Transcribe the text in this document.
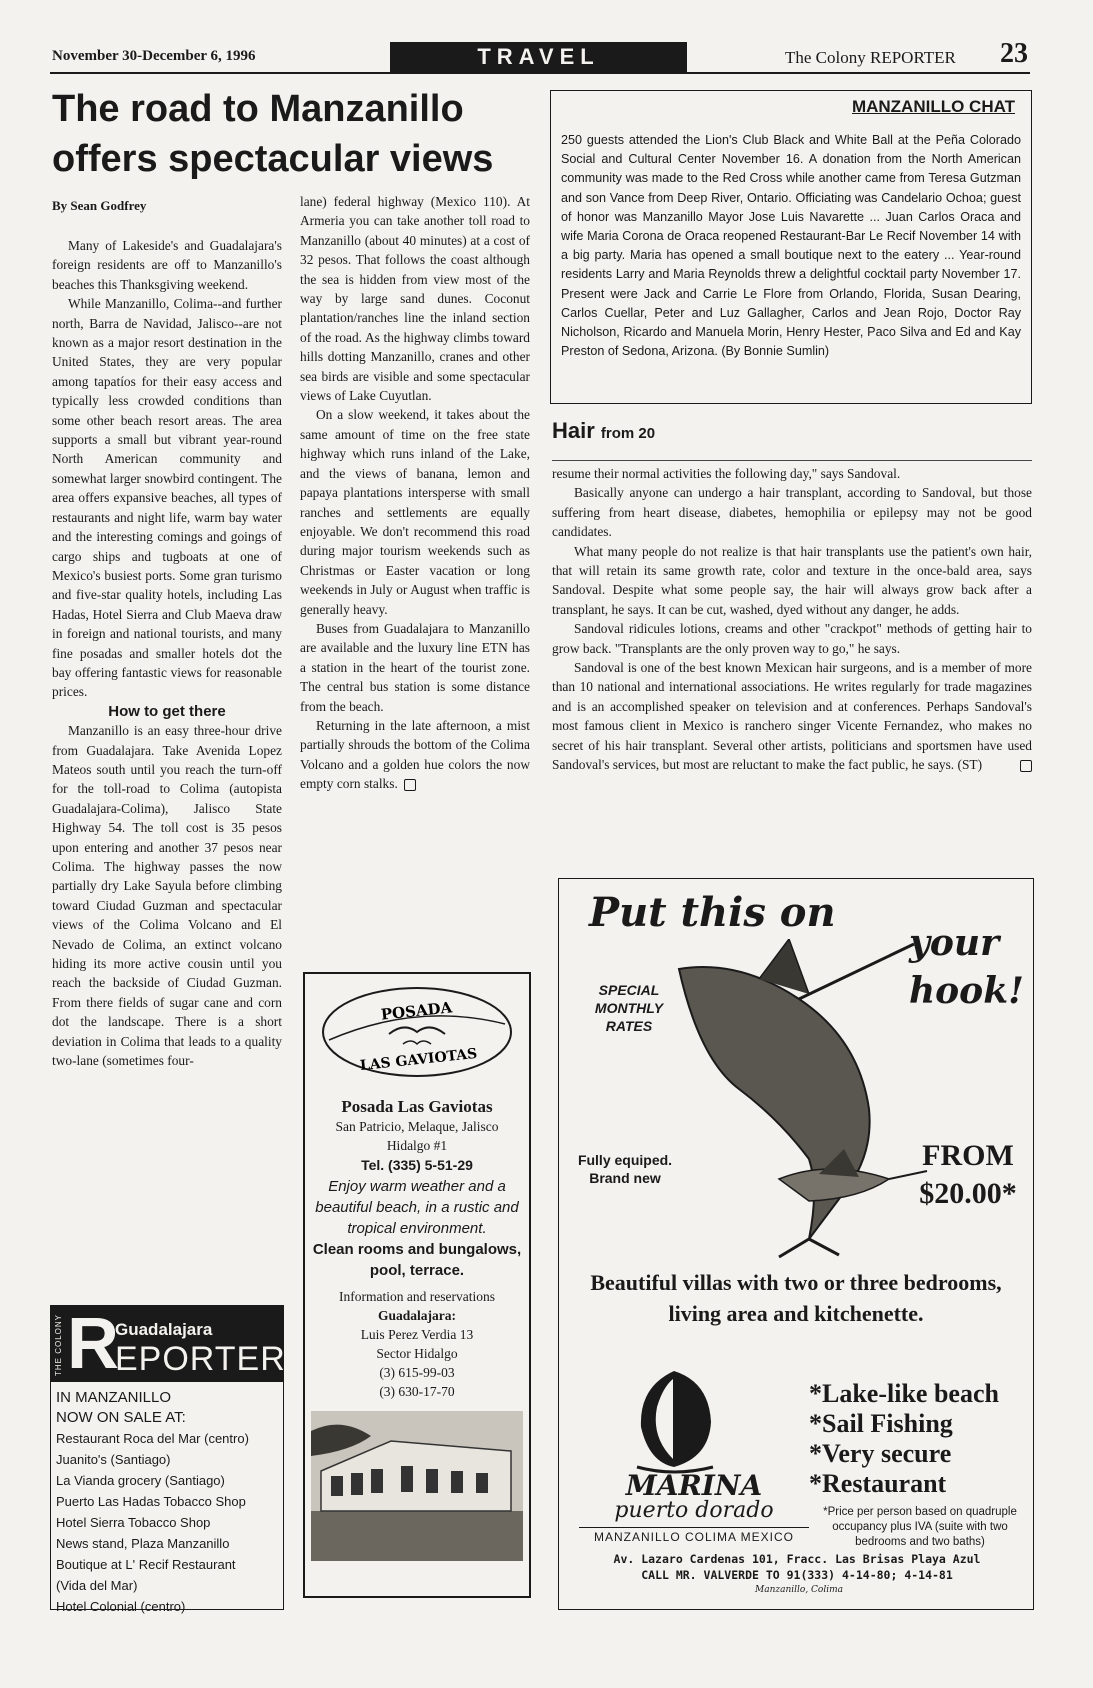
November 30-December 6, 1996	TRAVEL	The Colony REPORTER 23
The road to Manzanillo offers spectacular views
By Sean Godfrey

Many of Lakeside's and Guadalajara's foreign residents are off to Manzanillo's beaches this Thanksgiving weekend.

While Manzanillo, Colima--and further north, Barra de Navidad, Jalisco--are not known as a major resort destination in the United States, they are very popular among tapatíos for their easy access and typically less crowded conditions than some other beach resort areas. The area supports a small but vibrant year-round North American community and somewhat larger snowbird contingent. The area offers expansive beaches, all types of restaurants and night life, warm bay water and the interesting comings and goings of cargo ships and tugboats at one of Mexico's busiest ports. Some gran turismo and five-star quality hotels, including Las Hadas, Hotel Sierra and Club Maeva draw in foreign and national tourists, and many fine posadas and smaller hotels dot the bay offering fantastic views for reasonable prices.

How to get there

Manzanillo is an easy three-hour drive from Guadalajara. Take Avenida Lopez Mateos south until you reach the turn-off for the toll-road to Colima (autopista Guadalajara-Colima), Jalisco State Highway 54. The toll cost is 35 pesos upon entering and another 37 pesos near Colima. The highway passes the now partially dry Lake Sayula before climbing toward Ciudad Guzman and spectacular views of the Colima Volcano and El Nevado de Colima, an extinct volcano hiding its more active cousin until you reach the backside of Ciudad Guzman. From there fields of sugar cane and corn dot the landscape. There is a short deviation in Colima that leads to a quality two-lane (sometimes four-

lane) federal highway (Mexico 110). At Armeria you can take another toll road to Manzanillo (about 40 minutes) at a cost of 32 pesos. That follows the coast although the sea is hidden from view most of the way by large sand dunes. Coconut plantation/ranches line the inland section of the road. As the highway climbs toward hills dotting Manzanillo, cranes and other sea birds are visible and some spectacular views of Lake Cuyutlan.

On a slow weekend, it takes about the same amount of time on the free state highway which runs inland of the Lake, and the views of banana, lemon and papaya plantations intersperse with small ranches and settlements are equally enjoyable. We don't recommend this road during major tourism weekends such as Christmas or Easter vacation or long weekends in July or August when traffic is generally heavy.

Buses from Guadalajara to Manzanillo are available and the luxury line ETN has a station in the heart of the tourist zone. The central bus station is some distance from the beach.

Returning in the late afternoon, a mist partially shrouds the bottom of the Colima Volcano and a golden hue colors the now empty corn stalks.

MANZANILLO CHAT
250 guests attended the Lion's Club Black and White Ball at the Peña Colorado Social and Cultural Center November 16. A donation from the North American community was made to the Red Cross while another came from Teresa Gutzman and son Vance from Deep River, Ontario. Officiating was Candelario Ochoa; guest of honor was Manzanillo Mayor Jose Luis Navarette ... Juan Carlos Oraca and wife Maria Corona de Oraca reopened Restaurant-Bar Le Recif November 14 with a big party. Maria has opened a small boutique next to the eatery ... Year-round residents Larry and Maria Reynolds threw a delightful cocktail party November 17. Present were Jack and Carrie Le Flore from Orlando, Florida, Susan Dearing, Carlos Cuellar, Peter and Luz Gallagher, Carlos and Jean Rojo, Doctor Ray Nicholson, Ricardo and Manuela Morin, Henry Hester, Paco Silva and Ed and Kay Preston of Sedona, Arizona. (By Bonnie Sumlin)
Hair from 20

resume their normal activities the following day," says Sandoval.

Basically anyone can undergo a hair transplant, according to Sandoval, but those suffering from heart disease, diabetes, hemophilia or epilepsy may not be good candidates.

What many people do not realize is that hair transplants use the patient's own hair, that will retain its same growth rate, color and texture in the once-bald area, says Sandoval. Despite what some people say, the hair will always grow back after a transplant, he says. It can be cut, washed, dyed without any danger, he adds.

Sandoval ridicules lotions, creams and other "crackpot" methods of getting hair to grow back. "Transplants are the only proven way to go," he says.

Sandoval is one of the best known Mexican hair surgeons, and is a member of more than 10 national and international associations. He writes regularly for trade magazines and is an accomplished speaker on television and at conferences. Perhaps Sandoval's most famous client in Mexico is ranchero singer Vicente Fernandez, who makes no secret of his hair transplant. Several other artists, politicians and sportsmen have used Sandoval's services, but most are reluctant to make the fact public, he says. (ST)

POSADA
LAS GAVIOTAS
Posada Las Gaviotas
San Patricio, Melaque, Jalisco
Hidalgo #1
Tel. (335) 5-51-29
Enjoy warm weather and a beautiful beach, in a rustic and tropical environment.
Clean rooms and bungalows, pool, terrace.
Information and reservations
Guadalajara:
Luis Perez Verdia 13
Sector Hidalgo
(3) 615-99-03
(3) 630-17-70
THE COLONY R
Guadalajara
EPORTER
IN MANZANILLO
NOW ON SALE AT:
Restaurant Roca del Mar (centro)
Juanito's (Santiago)
La Vianda grocery (Santiago)
Puerto Las Hadas Tobacco Shop
Hotel Sierra Tobacco Shop
News stand, Plaza Manzanillo
Boutique at L' Recif Restaurant
(Vida del Mar)
Hotel Colonial (centro)
Put this on
your hook!
SPECIAL MONTHLY RATES
Fully equiped. Brand new
FROM
$20.00*
Beautiful villas with two or three bedrooms, living area and kitchenette.
*Lake-like beach
*Sail Fishing
*Very secure
*Restaurant
*Price per person based on quadruple occupancy plus IVA (suite with two bedrooms and two baths)
MARINA
puerto dorado
MANZANILLO COLIMA MEXICO
Av. Lazaro Cardenas 101, Fracc. Las Brisas Playa Azul
CALL MR. VALVERDE TO 91(333) 4-14-80; 4-14-81
Manzanillo, Colima
